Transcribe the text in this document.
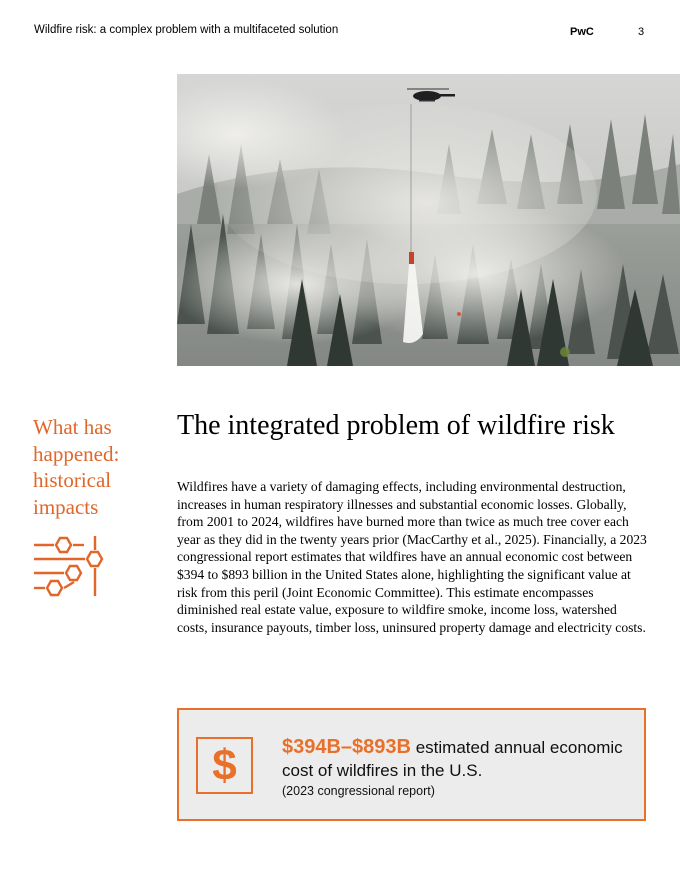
Wildfire risk: a complex problem with a multifaceted solution	PwC	3
What has happened: historical impacts
The integrated problem of wildfire risk
Wildfires have a variety of damaging effects, including environmental destruction, increases in human respiratory illnesses and substantial economic losses. Globally, from 2001 to 2024, wildfires have burned more than twice as much tree cover each year as they did in the twenty years prior (MacCarthy et al., 2025). Financially, a 2023 congressional report estimates that wildfires have an annual economic cost between $394 to $893 billion in the United States alone, highlighting the significant value at risk from this peril (Joint Economic Committee). This estimate encompasses diminished real estate value, exposure to wildfire smoke, income loss, watershed costs, insurance payouts, timber loss, uninsured property damage and electricity costs.
$	$394B–$893B estimated annual economic cost of wildfires in the U.S.
(2023 congressional report)
